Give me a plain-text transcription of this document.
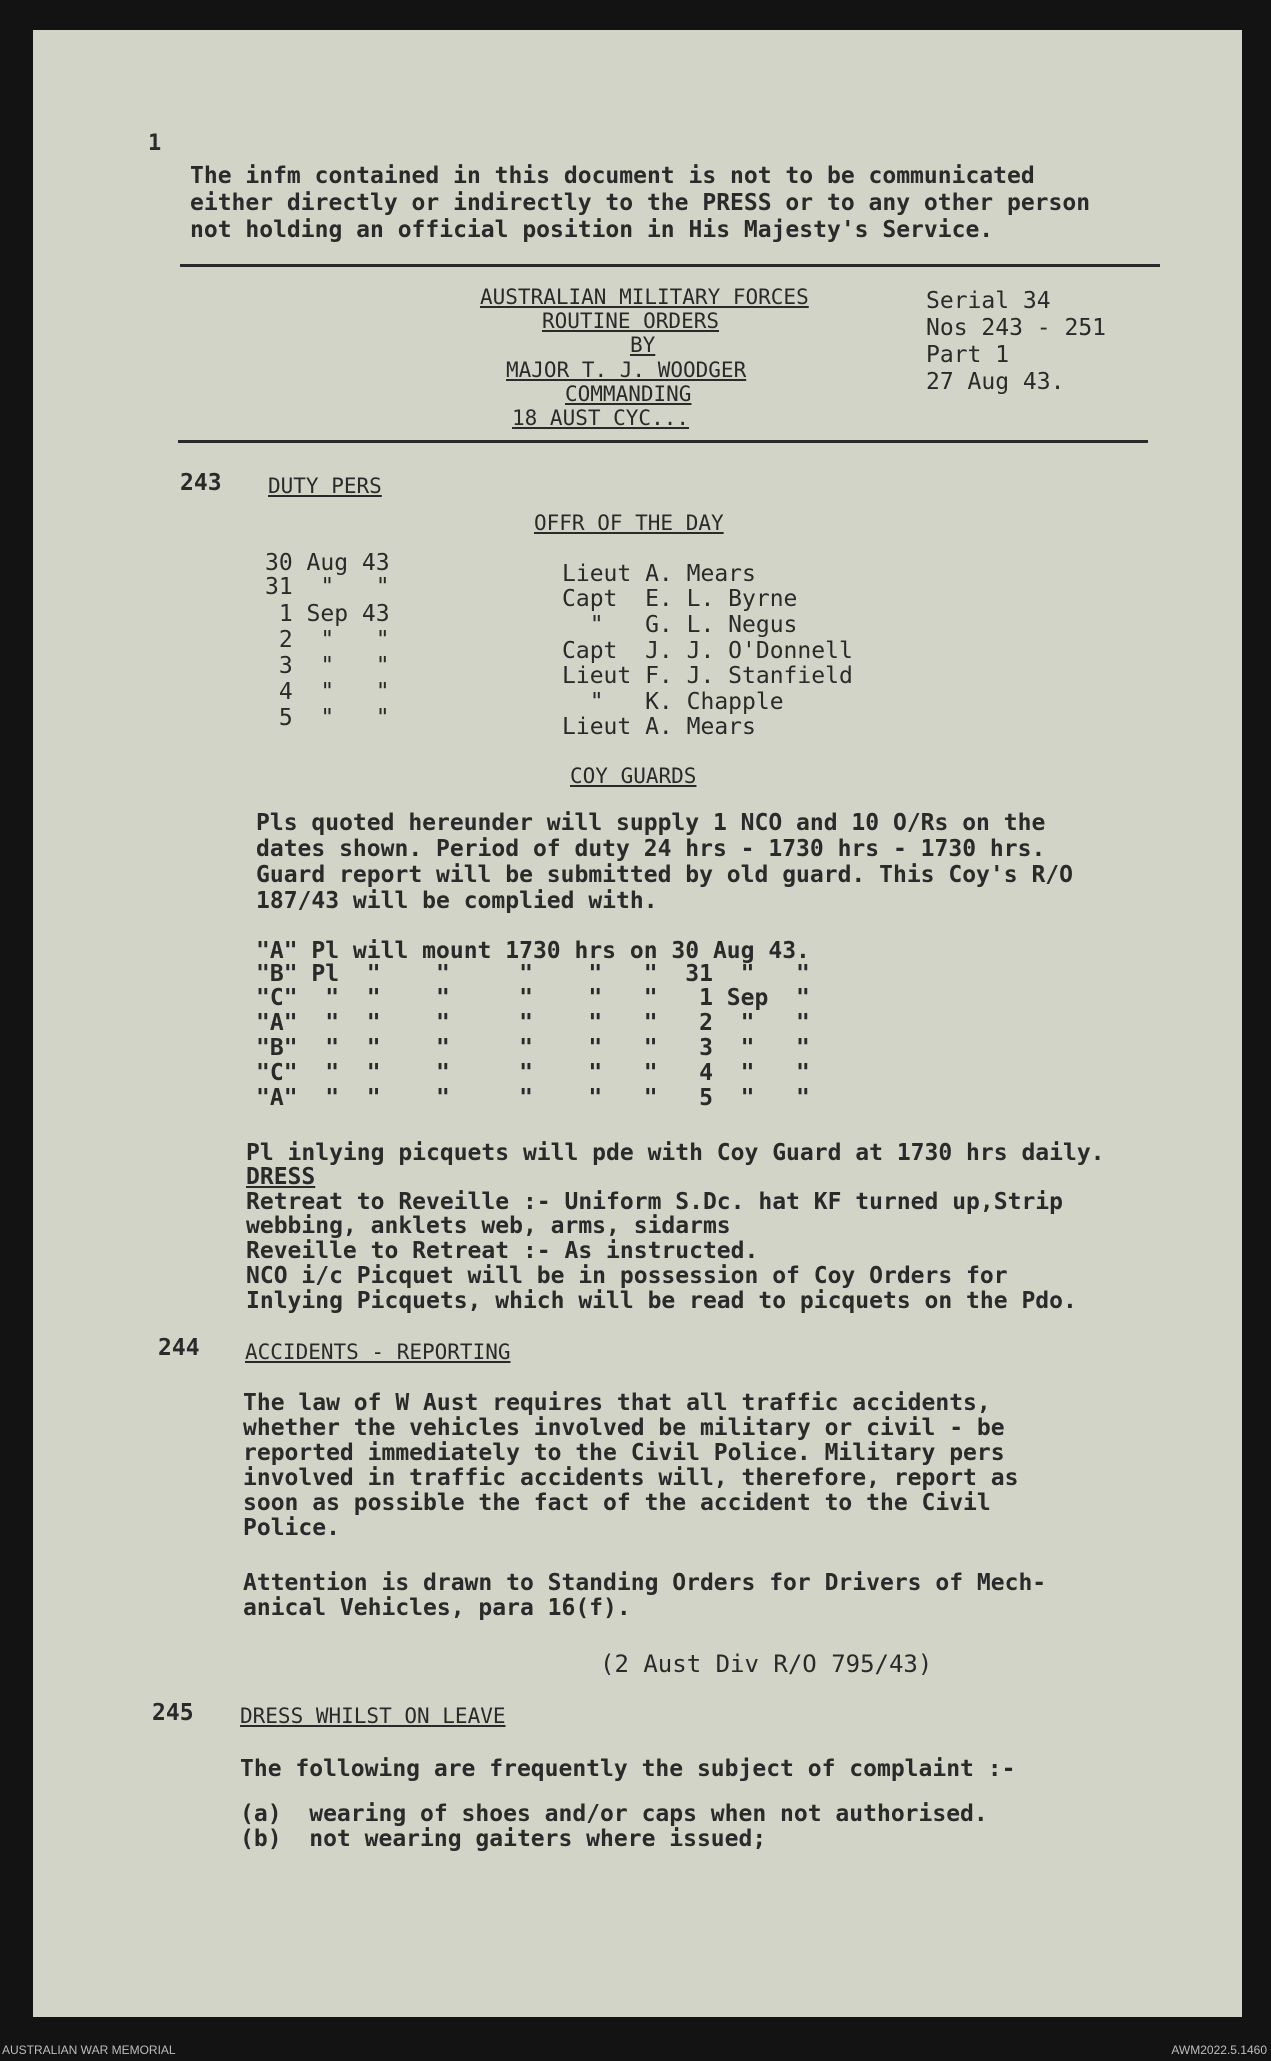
1
The infm contained in this document is not to be communicated
either directly or indirectly to the PRESS or to any other person
not holding an official position in His Majesty's Service.
AUSTRALIAN MILITARY FORCES
ROUTINE ORDERS
BY
MAJOR T. J. WOODGER
COMMANDING
18 AUST CYC...
Serial 34
Nos 243 - 251
Part 1
27 Aug 43.
243 DUTY PERS
OFFR OF THE DAY
30 Aug 43
31  "   "
1 Sep 43
2  "   "
3  "   "
4  "   "
5  "   "
Lieut A. Mears
Capt  E. L. Byrne
"   G. L. Negus
Capt  J. J. O'Donnell
Lieut F. J. Stanfield
"   K. Chapple
Lieut A. Mears
COY GUARDS
Pls quoted hereunder will supply 1 NCO and 10 O/Rs on the
dates shown. Period of duty 24 hrs - 1730 hrs - 1730 hrs.
Guard report will be submitted by old guard. This Coy's R/O
187/43 will be complied with.
"A" Pl will mount 1730 hrs on 30 Aug 43.
"B" Pl  "    "     "    "   "  31  "   "
"C"  "  "    "     "    "   "   1 Sep  "
"A"  "  "    "     "    "   "   2  "   "
"B"  "  "    "     "    "   "   3  "   "
"C"  "  "    "     "    "   "   4  "   "
"A"  "  "    "     "    "   "   5  "   "
Pl inlying picquets will pde with Coy Guard at 1730 hrs daily.
DRESS
Retreat to Reveille :- Uniform S.Dc. hat KF turned up,Strip
webbing, anklets web, arms, sidarms
Reveille to Retreat :- As instructed.
NCO i/c Picquet will be in possession of Coy Orders for
Inlying Picquets, which will be read to picquets on the Pdo.
244 ACCIDENTS - REPORTING
The law of W Aust requires that all traffic accidents,
whether the vehicles involved be military or civil - be
reported immediately to the Civil Police. Military pers
involved in traffic accidents will, therefore, report as
soon as possible the fact of the accident to the Civil
Police.
Attention is drawn to Standing Orders for Drivers of Mech-
anical Vehicles, para 16(f).
(2 Aust Div R/O 795/43)
245 DRESS WHILST ON LEAVE
The following are frequently the subject of complaint :-
(a)  wearing of shoes and/or caps when not authorised.
(b)  not wearing gaiters where issued;
AUSTRALIAN WAR MEMORIAL	AWM2022.5.1460
